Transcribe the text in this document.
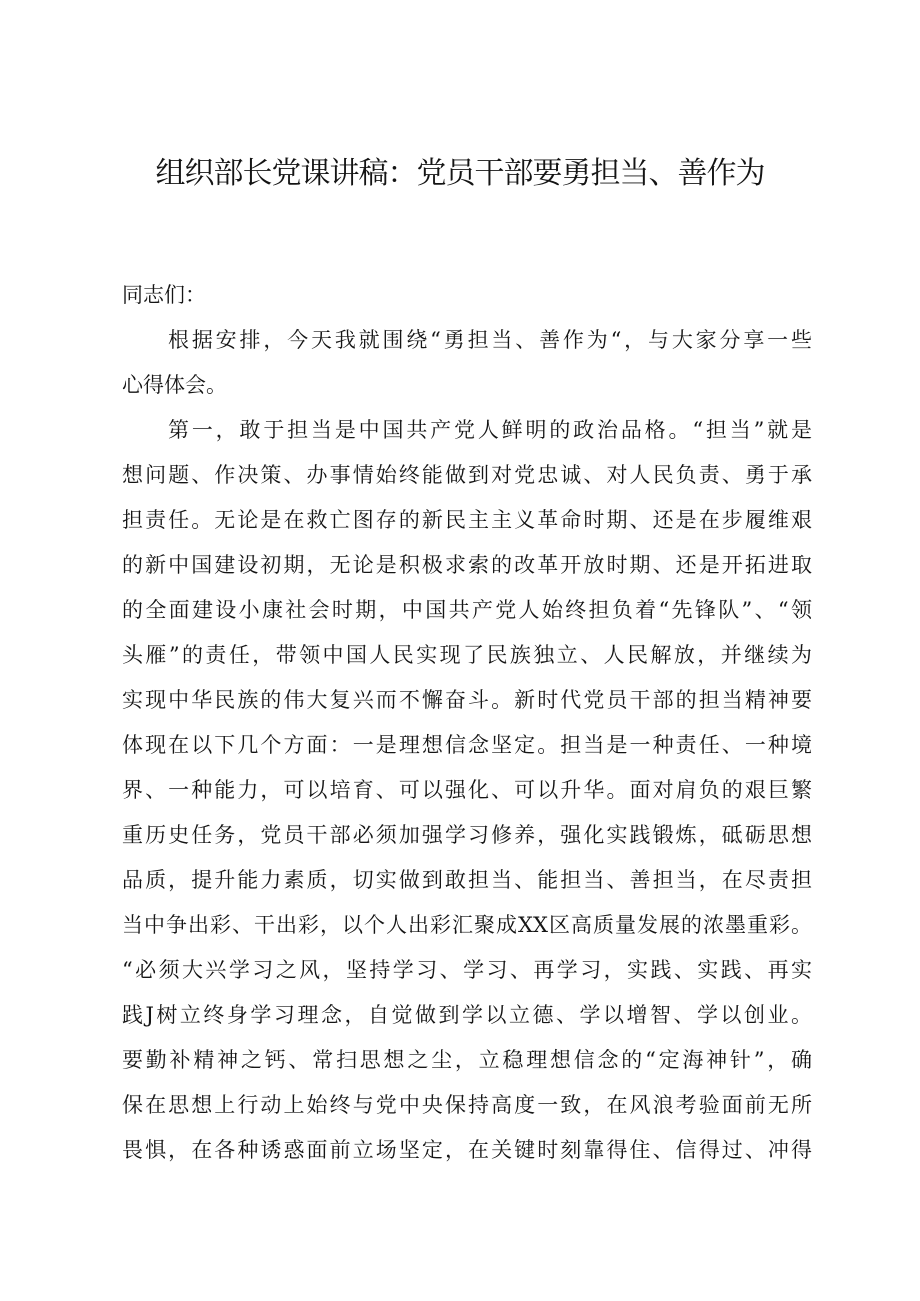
组织部长党课讲稿：党员干部要勇担当、善作为
同志们：
根据安排，今天我就围绕“勇担当、善作为“，与大家分享一些
心得体会。
第一，敢于担当是中国共产党人鲜明的政治品格。“担当”就是
想问题、作决策、办事情始终能做到对党忠诚、对人民负责、勇于承
担责任。无论是在救亡图存的新民主主义革命时期、还是在步履维艰
的新中国建设初期，无论是积极求索的改革开放时期、还是开拓进取
的全面建设小康社会时期，中国共产党人始终担负着“先锋队”、“领
头雁”的责任，带领中国人民实现了民族独立、人民解放，并继续为
实现中华民族的伟大复兴而不懈奋斗。新时代党员干部的担当精神要
体现在以下几个方面：一是理想信念坚定。担当是一种责任、一种境
界、一种能力，可以培育、可以强化、可以升华。面对肩负的艰巨繁
重历史任务，党员干部必须加强学习修养，强化实践锻炼，砥砺思想
品质，提升能力素质，切实做到敢担当、能担当、善担当，在尽责担
当中争出彩、干出彩，以个人出彩汇聚成XX区高质量发展的浓墨重彩。
“必须大兴学习之风，坚持学习、学习、再学习，实践、实践、再实
践J树立终身学习理念，自觉做到学以立德、学以增智、学以创业。
要勤补精神之钙、常扫思想之尘，立稳理想信念的“定海神针”，确
保在思想上行动上始终与党中央保持高度一致，在风浪考验面前无所
畏惧，在各种诱惑面前立场坚定，在关键时刻靠得住、信得过、冲得
